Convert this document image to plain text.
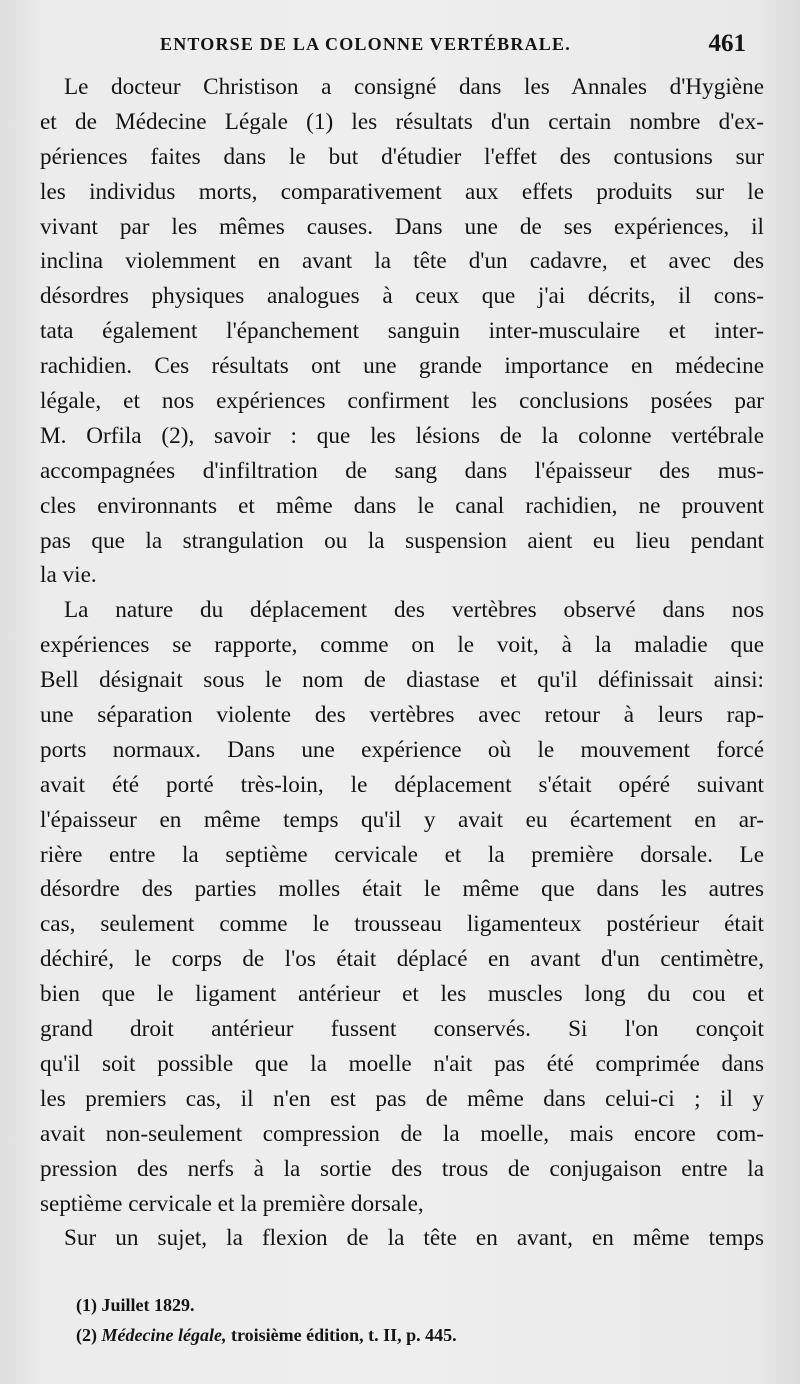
ENTORSE DE LA COLONNE VERTÉBRALE.	461
Le docteur Christison a consigné dans les Annales d'Hygiène
et de Médecine Légale (1) les résultats d'un certain nombre d'ex-
périences faites dans le but d'étudier l'effet des contusions sur
les individus morts, comparativement aux effets produits sur le
vivant par les mêmes causes. Dans une de ses expériences, il
inclina violemment en avant la tête d'un cadavre, et avec des
désordres physiques analogues à ceux que j'ai décrits, il cons-
tata également l'épanchement sanguin inter-musculaire et inter-
rachidien. Ces résultats ont une grande importance en médecine
légale, et nos expériences confirment les conclusions posées par
M. Orfila (2), savoir : que les lésions de la colonne vertébrale
accompagnées d'infiltration de sang dans l'épaisseur des mus-
cles environnants et même dans le canal rachidien, ne prouvent
pas que la strangulation ou la suspension aient eu lieu pendant
la vie.
La nature du déplacement des vertèbres observé dans nos
expériences se rapporte, comme on le voit, à la maladie que
Bell désignait sous le nom de diastase et qu'il définissait ainsi:
une séparation violente des vertèbres avec retour à leurs rap-
ports normaux. Dans une expérience où le mouvement forcé
avait été porté très-loin, le déplacement s'était opéré suivant
l'épaisseur en même temps qu'il y avait eu écartement en ar-
rière entre la septième cervicale et la première dorsale. Le
désordre des parties molles était le même que dans les autres
cas, seulement comme le trousseau ligamenteux postérieur était
déchiré, le corps de l'os était déplacé en avant d'un centimètre,
bien que le ligament antérieur et les muscles long du cou et
grand droit antérieur fussent conservés. Si l'on conçoit
qu'il soit possible que la moelle n'ait pas été comprimée dans
les premiers cas, il n'en est pas de même dans celui-ci ; il y
avait non-seulement compression de la moelle, mais encore com-
pression des nerfs à la sortie des trous de conjugaison entre la
septième cervicale et la première dorsale,
Sur un sujet, la flexion de la tête en avant, en même temps
(1) Juillet 1829.
(2) Médecine légale, troisième édition, t. II, p. 445.
